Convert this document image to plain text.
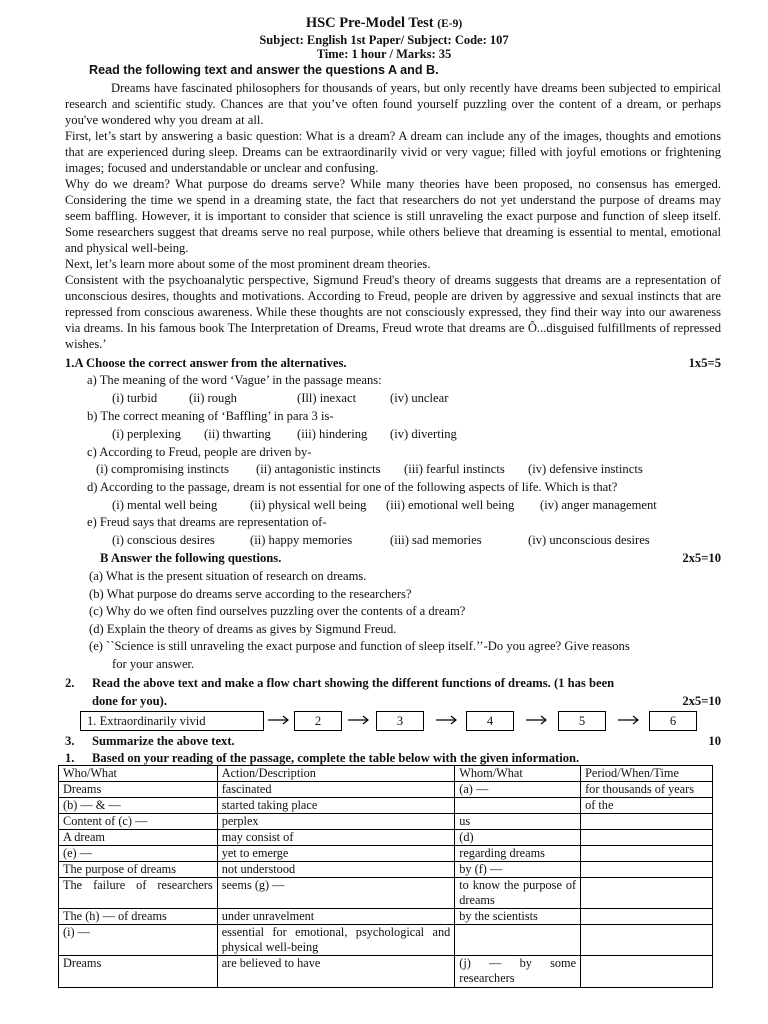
HSC Pre-Model Test (E-9)
Subject: English 1st Paper/ Subject: Code: 107
Time: 1 hour / Marks: 35
Read the following text and answer the questions A and B.

Dreams have fascinated philosophers for thousands of years, but only recently have dreams been subjected to empirical research and scientific study. Chances are that you’ve often found yourself puzzling over the content of a dream, or perhaps you've wondered why you dream at all.

First, let’s start by answering a basic question: What is a dream? A dream can include any of the images, thoughts and emotions that are experienced during sleep. Dreams can be extraordinarily vivid or very vague; filled with joyful emotions or frightening images; focused and understandable or unclear and confusing.

Why do we dream? What purpose do dreams serve? While many theories have been proposed, no consensus has emerged. Considering the time we spend in a dreaming state, the fact that researchers do not yet understand the purpose of dreams may seem baffling. However, it is important to consider that science is still unraveling the exact purpose and function of sleep itself. Some researchers suggest that dreams serve no real purpose, while others believe that dreaming is essential to mental, emotional and physical well-being.

Next, let’s learn more about some of the most prominent dream theories.

Consistent with the psychoanalytic perspective, Sigmund Freud's theory of dreams suggests that dreams are a representation of unconscious desires, thoughts and motivations. According to Freud, people are driven by aggressive and sexual instincts that are repressed from conscious awareness. While these thoughts are not consciously expressed, they find their way into our awareness via dreams. In his famous book The Interpretation of Dreams, Freud wrote that dreams are Ô...disguised fulfillments of repressed wishes.’

1.A Choose the correct answer from the alternatives.	1x5=5
a) The meaning of the word ‘Vague’ in the passage means:
(i) turbid	(ii) rough	(Ill) inexact	(iv) unclear
b) The correct meaning of ‘Baffling’ in para 3 is-
(i) perplexing (ii) thwarting (iii) hindering (iv) diverting
c) According to Freud, people are driven by-
(i) compromising instincts (ii) antagonistic instincts (iii) fearful instincts (iv) defensive instincts
d) According to the passage, dream is not essential for one of the following aspects of life. Which is that?
(i) mental well being	(ii) physical well being (iii) emotional well being (iv) anger management
e) Freud says that dreams are representation of-
(i) conscious desires	(ii) happy memories	(iii) sad memories	(iv) unconscious desires
B Answer the following questions.	2x5=10
(a) What is the present situation of research on dreams.
(b) What purpose do dreams serve according to the researchers?
(c) Why do we often find ourselves puzzling over the contents of a dream?
(d) Explain the theory of dreams as gives by Sigmund Freud.
(e) ``Science is still unraveling the exact purpose and function of sleep itself.’’-Do you agree? Give reasons
for your answer.
2. Read the above text and make a flow chart showing the different functions of dreams. (1 has been
done for you).	2x5=10
1. Extraordinarily vivid	2	3	4	5	6
3. Summarize the above text.	10
1. Based on your reading of the passage, complete the table below with the given information.
Who/What	Action/Description	Whom/What	Period/When/Time
Dreams	fascinated	(a) —	for thousands of years
(b) — & —	started taking place		of the
Content of (c) —	perplex	us	
A dream	may consist of	(d)	
(e) —	yet to emerge	regarding dreams	
The purpose of dreams	not understood	by (f) —	
The failure of researchers	seems (g) —	to know the purpose of dreams	
The (h) — of dreams	under unravelment	by the scientists	
(i) —	essential for emotional, psychological and physical well-being		
Dreams	are believed to have	(j) — by some researchers	
